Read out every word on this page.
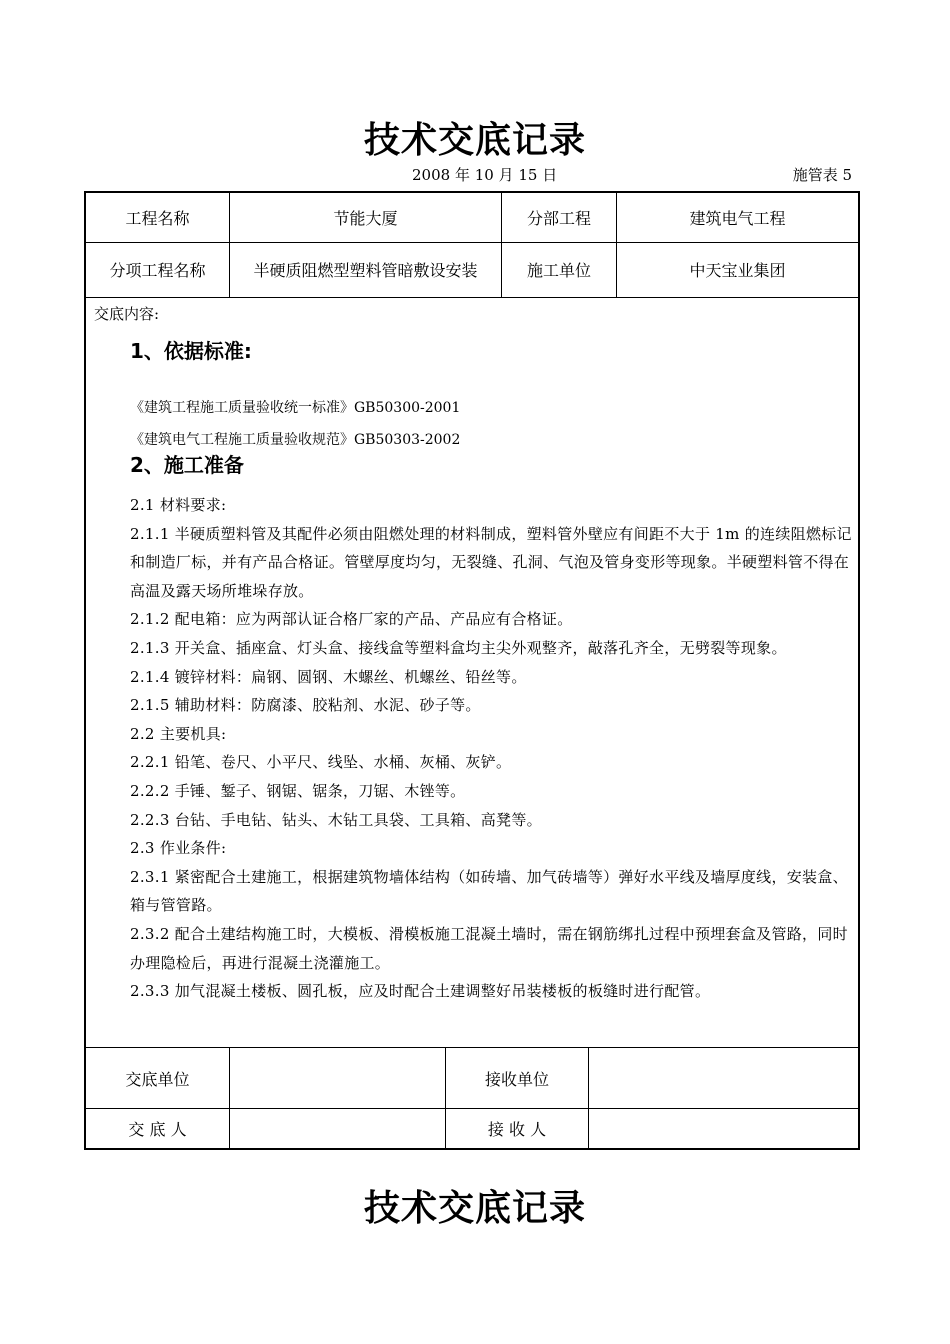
技术交底记录
2008 年 10 月 15 日	施管表 5
工程名称	节能大厦	分部工程	建筑电气工程
分项工程名称	半硬质阻燃型塑料管暗敷设安装	施工单位	中天宝业集团
交底内容:
1、依据标准:
《建筑工程施工质量验收统一标准》GB50300-2001
《建筑电气工程施工质量验收规范》GB50303-2002
2、施工准备

2.1 材料要求:

2.1.1 半硬质塑料管及其配件必须由阻燃处理的材料制成，塑料管外壁应有间距不大于 1m 的连续阻燃标记和制造厂标，并有产品合格证。管壁厚度均匀，无裂缝、孔洞、气泡及管身变形等现象。半硬塑料管不得在高温及露天场所堆垛存放。

2.1.2 配电箱：应为两部认证合格厂家的产品、产品应有合格证。

2.1.3 开关盒、插座盒、灯头盒、接线盒等塑料盒均主尖外观整齐，敲落孔齐全，无劈裂等现象。

2.1.4 镀锌材料：扁钢、圆钢、木螺丝、机螺丝、铅丝等。

2.1.5 辅助材料：防腐漆、胶粘剂、水泥、砂子等。

2.2 主要机具:

2.2.1 铅笔、卷尺、小平尺、线坠、水桶、灰桶、灰铲。

2.2.2 手锤、錾子、钢锯、锯条，刀锯、木锉等。

2.2.3 台钻、手电钻、钻头、木钻工具袋、工具箱、高凳等。

2.3 作业条件:

2.3.1 紧密配合土建施工，根据建筑物墙体结构（如砖墙、加气砖墙等）弹好水平线及墙厚度线，安装盒、箱与管管路。

2.3.2 配合土建结构施工时，大模板、滑模板施工混凝土墙时，需在钢筋绑扎过程中预埋套盒及管路，同时办理隐检后，再进行混凝土浇灌施工。

2.3.3 加气混凝土楼板、圆孔板，应及时配合土建调整好吊装楼板的板缝时进行配管。

交底单位	接收单位
交 底 人	接 收 人
技术交底记录
